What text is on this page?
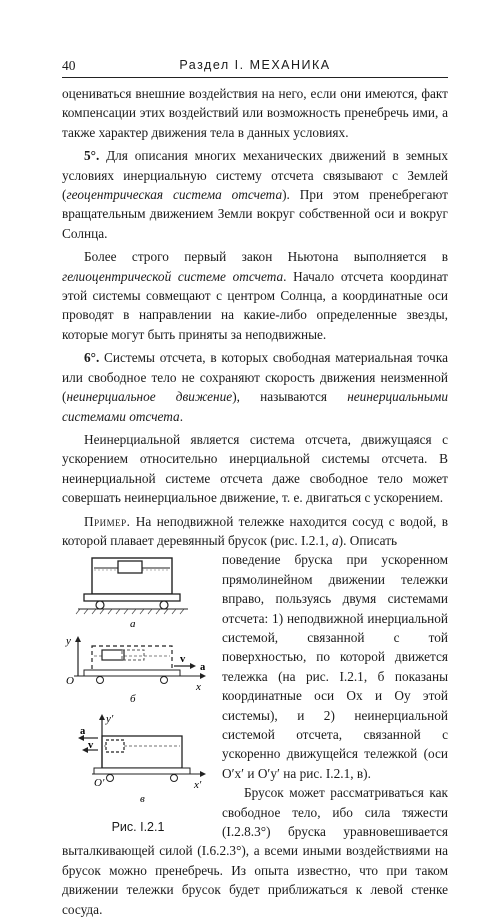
40	Раздел I. МЕХАНИКА

оцениваться внешние воздействия на него, если они имеются, факт компенсации этих воздействий или возможность пренебречь ими, а также характер движения тела в данных условиях.

5°. Для описания многих механических движений в земных условиях инерциальную систему отсчета связывают с Землей (геоцентрическая система отсчета). При этом пренебрегают вращательным движением Земли вокруг собственной оси и вокруг Солнца.

Более строго первый закон Ньютона выполняется в гелиоцентрической системе отсчета. Начало отсчета координат этой системы совмещают с центром Солнца, а координатные оси проводят в направлении на какие-либо определенные звезды, которые могут быть приняты за неподвижные.

6°. Системы отсчета, в которых свободная материальная точка или свободное тело не сохраняют скорость движения неизменной (неинерциальное движение), называются неинерциальными системами отсчета.

Неинерциальной является система отсчета, движущаяся с ускорением относительно инерциальной системы отсчета. В неинерциальной системе отсчета даже свободное тело может совершать неинерциальное движение, т. е. двигаться с ускорением.

Пример. На неподвижной тележке находится сосуд с водой, в которой плавает деревянный брусок (рис. I.2.1, а). Описать

а
y
O	x
v
a
б
y′
x′
O′
a
v
в
Рис. I.2.1

поведение бруска при ускоренном прямолинейном движении тележки вправо, пользуясь двумя системами отсчета: 1) неподвижной инерциальной системой, связанной с той поверхностью, по которой движется тележка (на рис. I.2.1, б показаны координатные оси Ox и Oy этой системы), и 2) неинерциальной системой отсчета, связанной с ускоренно движущейся тележкой (оси O′x′ и O′y′ на рис. I.2.1, в).

Брусок может рассматриваться как свободное тело, ибо сила тяжести (I.2.8.3°) бруска уравновешивается выталкивающей силой (I.6.2.3°), а всеми иными воздействиями на брусок можно пренебречь. Из опыта известно, что при таком движении тележки брусок будет приближаться к левой стенке сосуда.
